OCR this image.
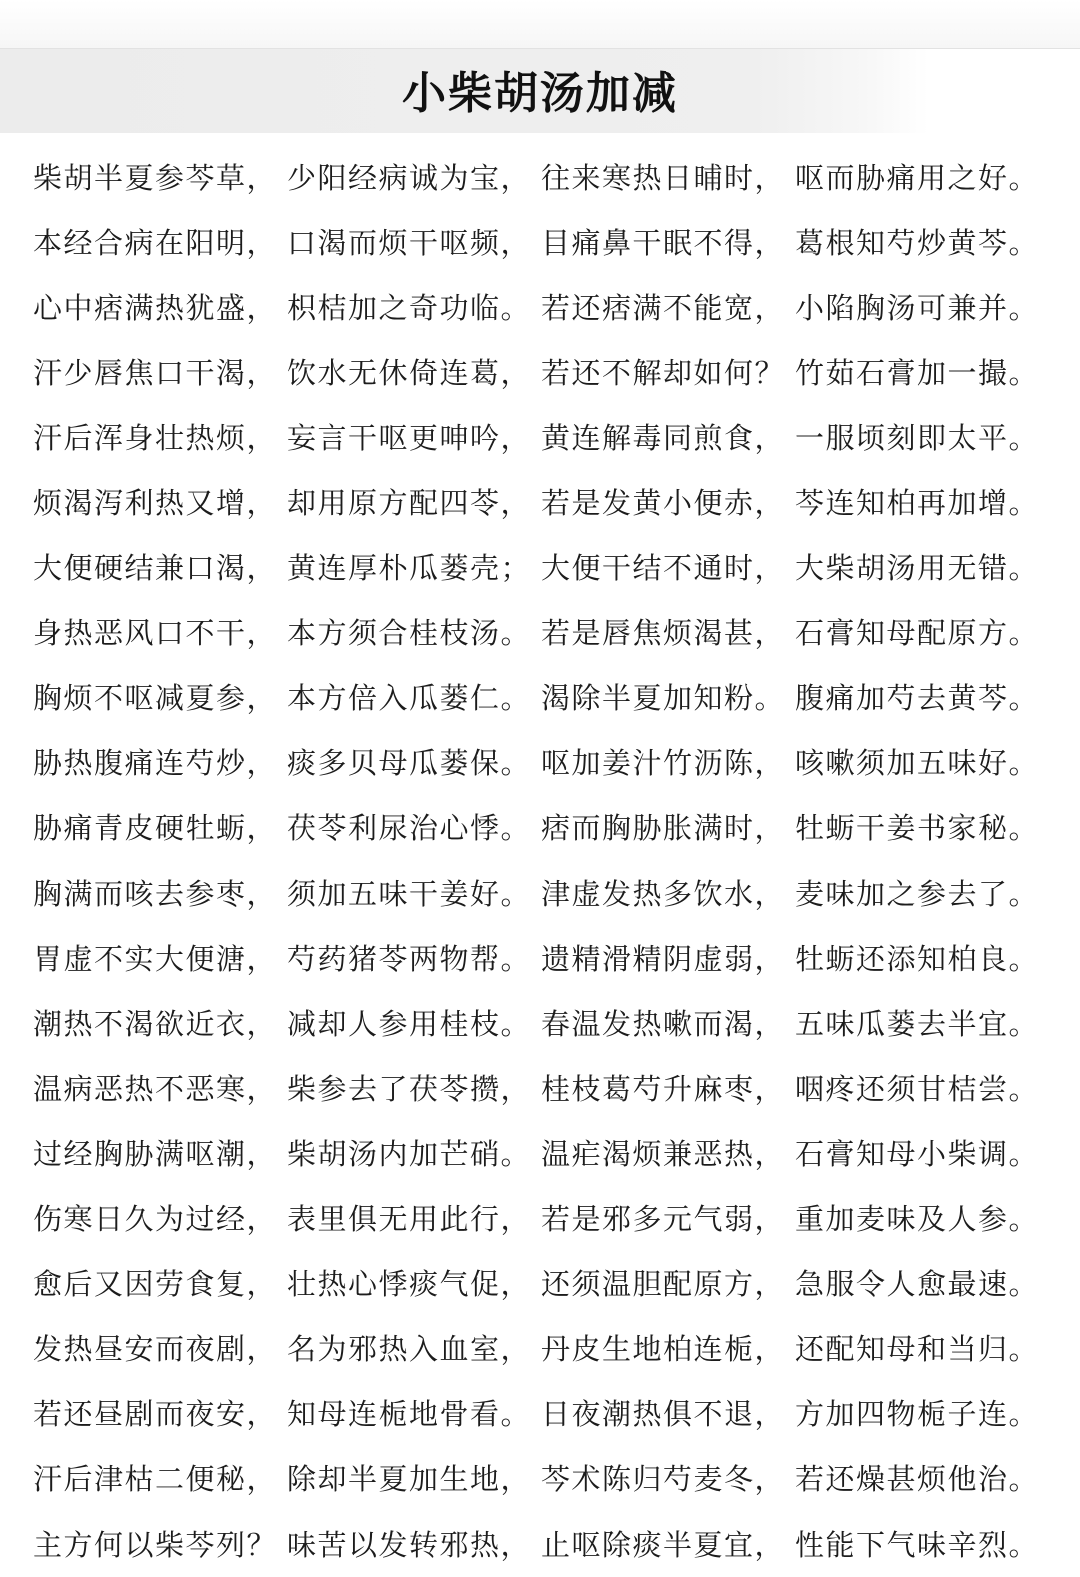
小柴胡汤加减
柴胡半夏参芩草， 少阳经病诚为宝， 往来寒热日晡时， 呕而胁痛用之好。
本经合病在阳明， 口渴而烦干呕频， 目痛鼻干眠不得， 葛根知芍炒黄芩。
心中痞满热犹盛， 枳桔加之奇功临。 若还痞满不能宽， 小陷胸汤可兼并。
汗少唇焦口干渴， 饮水无休倚连葛， 若还不解却如何？ 竹茹石膏加一撮。
汗后浑身壮热烦， 妄言干呕更呻吟， 黄连解毒同煎食， 一服顷刻即太平。
烦渴泻利热又增， 却用原方配四苓， 若是发黄小便赤， 芩连知柏再加增。
大便硬结兼口渴， 黄连厚朴瓜蒌壳； 大便干结不通时， 大柴胡汤用无错。
身热恶风口不干， 本方须合桂枝汤。 若是唇焦烦渴甚， 石膏知母配原方。
胸烦不呕减夏参， 本方倍入瓜蒌仁。 渴除半夏加知粉。 腹痛加芍去黄芩。
胁热腹痛连芍炒， 痰多贝母瓜蒌保。 呕加姜汁竹沥陈， 咳嗽须加五味好。
胁痛青皮硬牡蛎， 茯苓利尿治心悸。 痞而胸胁胀满时， 牡蛎干姜书家秘。
胸满而咳去参枣， 须加五味干姜好。 津虚发热多饮水， 麦味加之参去了。
胃虚不实大便溏， 芍药猪苓两物帮。 遗精滑精阴虚弱， 牡蛎还添知柏良。
潮热不渴欲近衣， 减却人参用桂枝。 春温发热嗽而渴， 五味瓜蒌去半宜。
温病恶热不恶寒， 柴参去了茯苓攒， 桂枝葛芍升麻枣， 咽疼还须甘桔尝。
过经胸胁满呕潮， 柴胡汤内加芒硝。 温疟渴烦兼恶热， 石膏知母小柴调。
伤寒日久为过经， 表里俱无用此行， 若是邪多元气弱， 重加麦味及人参。
愈后又因劳食复， 壮热心悸痰气促， 还须温胆配原方， 急服令人愈最速。
发热昼安而夜剧， 名为邪热入血室， 丹皮生地柏连栀， 还配知母和当归。
若还昼剧而夜安， 知母连栀地骨看。 日夜潮热俱不退， 方加四物栀子连。
汗后津枯二便秘， 除却半夏加生地， 芩术陈归芍麦冬， 若还燥甚烦他治。
主方何以柴芩列？ 味苦以发转邪热， 止呕除痰半夏宜， 性能下气味辛烈。
